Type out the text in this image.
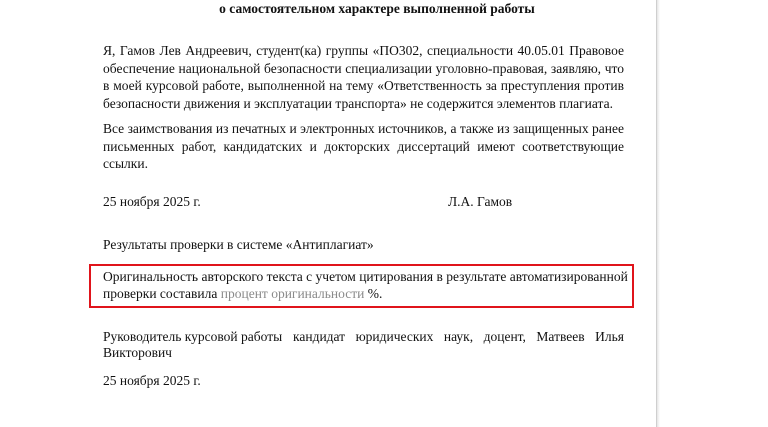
о самостоятельном характере выполненной работы
Я, Гамов Лев Андреевич, студент(ка) группы «ПО302, специальности 40.05.01 Правовое обеспечение национальной безопасности специализации уголовно-правовая, заявляю, что в моей курсовой работе, выполненной на тему «Ответственность за преступления против безопасности движения и эксплуатации транспорта» не содержится элементов плагиата.
Все заимствования из печатных и электронных источников, а также из защищенных ранее письменных работ, кандидатских и докторских диссертаций имеют соответствующие ссылки.
25 ноября 2025 г.	Л.А. Гамов
Результаты проверки в системе «Антиплагиат»
Оригинальность авторского текста с учетом цитирования в результате автоматизированной
проверки составила процент оригинальности %.
Руководитель курсовой работы кандидат юридических наук, доцент, Матвеев Илья
Викторович
25 ноября 2025 г.
